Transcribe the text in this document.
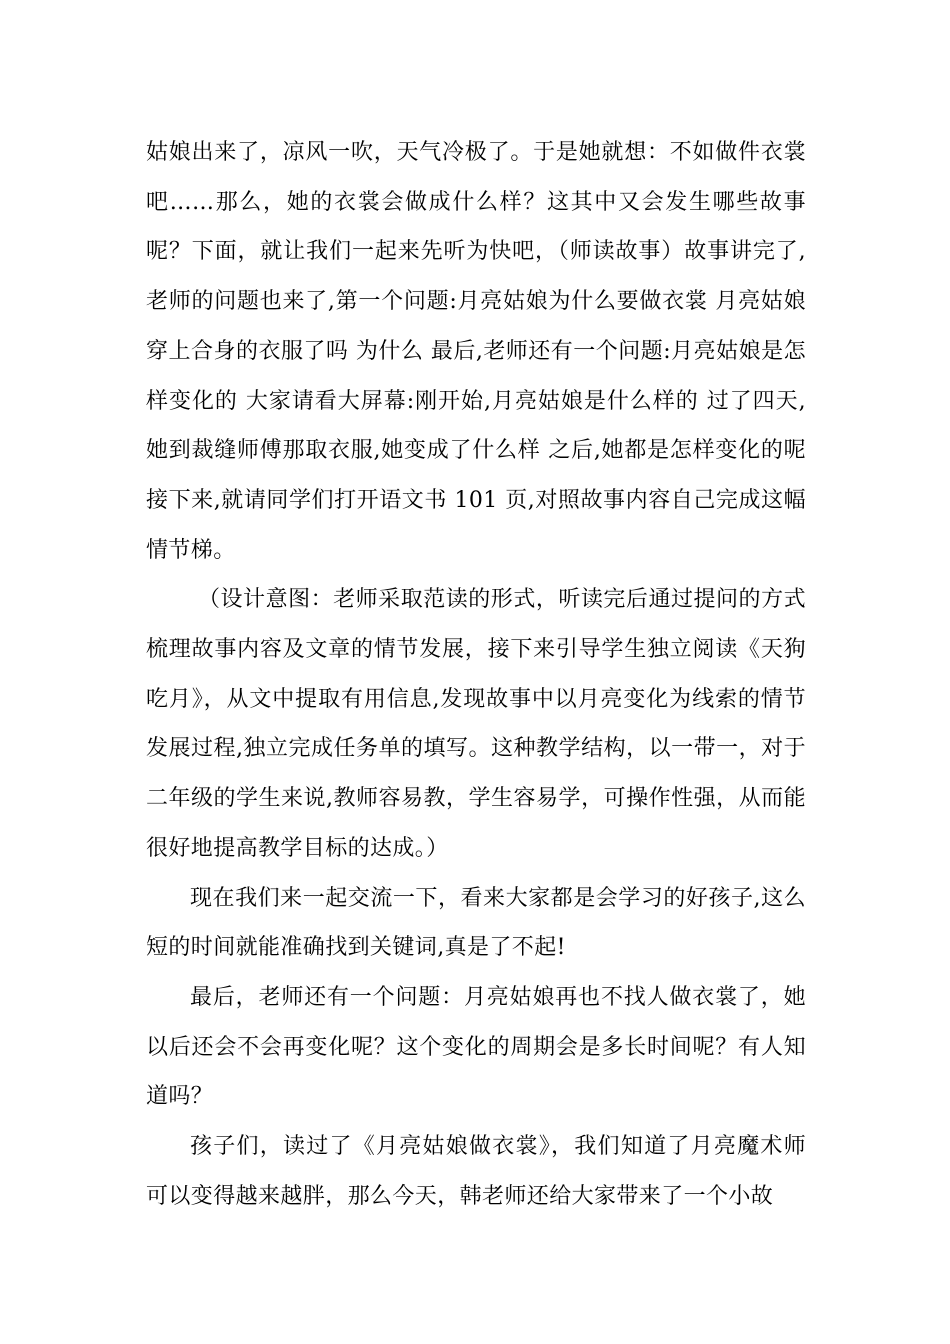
姑娘出来了，凉风一吹，天气冷极了。于是她就想：不如做件衣裳吧……那么，她的衣裳会做成什么样？这其中又会发生哪些故事呢？下面，就让我们一起来先听为快吧，（师读故事）故事讲完了,老师的问题也来了,第一个问题:月亮姑娘为什么要做衣裳 月亮姑娘穿上合身的衣服了吗 为什么 最后,老师还有一个问题:月亮姑娘是怎样变化的 大家请看大屏幕:刚开始,月亮姑娘是什么样的 过了四天,她到裁缝师傅那取衣服,她变成了什么样 之后,她都是怎样变化的呢 接下来,就请同学们打开语文书 101 页,对照故事内容自己完成这幅情节梯。

（设计意图：老师采取范读的形式，听读完后通过提问的方式梳理故事内容及文章的情节发展，接下来引导学生独立阅读《天狗吃月》，从文中提取有用信息,发现故事中以月亮变化为线索的情节发展过程,独立完成任务单的填写。这种教学结构，以一带一，对于二年级的学生来说,教师容易教，学生容易学，可操作性强，从而能很好地提高教学目标的达成。）

现在我们来一起交流一下，看来大家都是会学习的好孩子,这么短的时间就能准确找到关键词,真是了不起!

最后，老师还有一个问题：月亮姑娘再也不找人做衣裳了，她以后还会不会再变化呢？这个变化的周期会是多长时间呢？有人知道吗？

孩子们，读过了《月亮姑娘做衣裳》，我们知道了月亮魔术师可以变得越来越胖，那么今天，韩老师还给大家带来了一个小故
